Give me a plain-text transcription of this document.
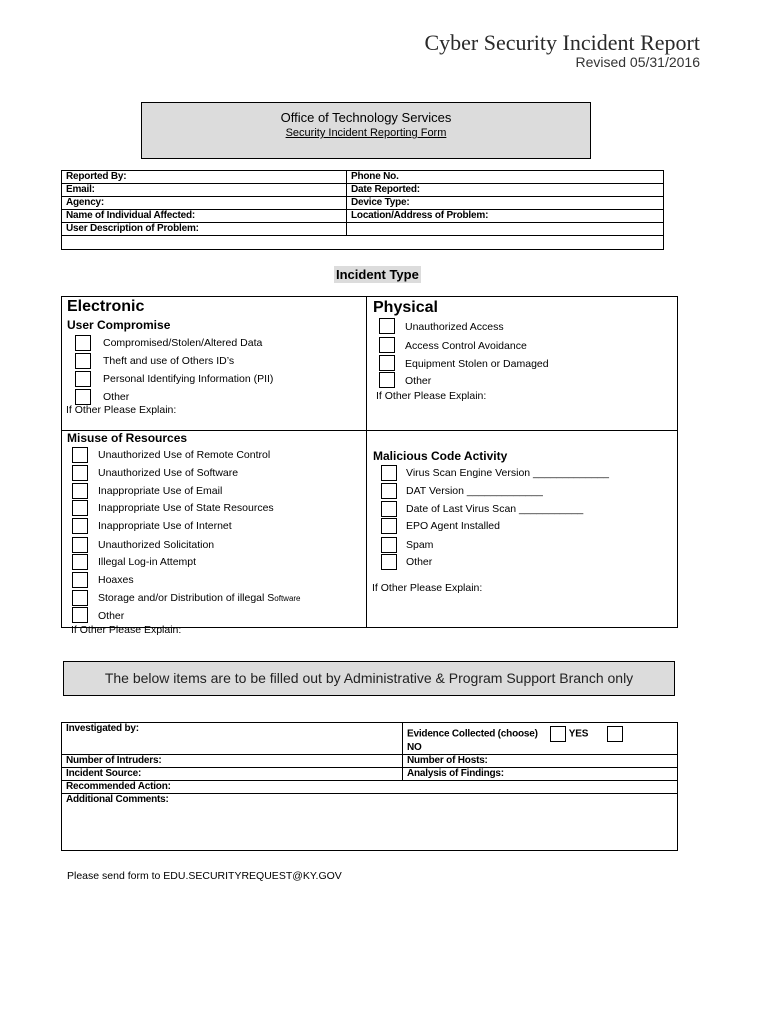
Cyber Security Incident Report
Revised 05/31/2016
Office of Technology Services
Security Incident Reporting Form
Reported By:	Phone No.
Email:	Date Reported:
Agency:	Device Type:
Name of Individual Affected:	Location/Address of Problem:
User Description of Problem:	

Incident Type
Electronic
User Compromise
Compromised/Stolen/Altered Data
Theft and use of Others ID’s
Personal Identifying Information (PII)
Other
If Other Please Explain:
Physical
Unauthorized Access
Access Control Avoidance
Equipment Stolen or Damaged
Other
If Other Please Explain:
Misuse of Resources
Unauthorized Use of Remote Control
Unauthorized Use of Software
Inappropriate Use of Email
Inappropriate Use of State Resources
Inappropriate Use of Internet
Unauthorized Solicitation
Illegal Log-in Attempt
Hoaxes
Storage and/or Distribution of illegal Software
Other
If Other Please Explain:
Malicious Code Activity
Virus Scan Engine Version _____________
DAT Version _____________
Date of Last Virus Scan ___________
EPO Agent Installed
Spam
Other
If Other Please Explain:
The below items are to be filled out by Administrative & Program Support Branch only
Investigated by:	Evidence Collected (choose) YES
NO

Number of Intruders:	Number of Hosts:
Incident Source:	Analysis of Findings:
Recommended Action:	
Additional Comments:	
Please send form to EDU.SECURITYREQUEST@KY.GOV
